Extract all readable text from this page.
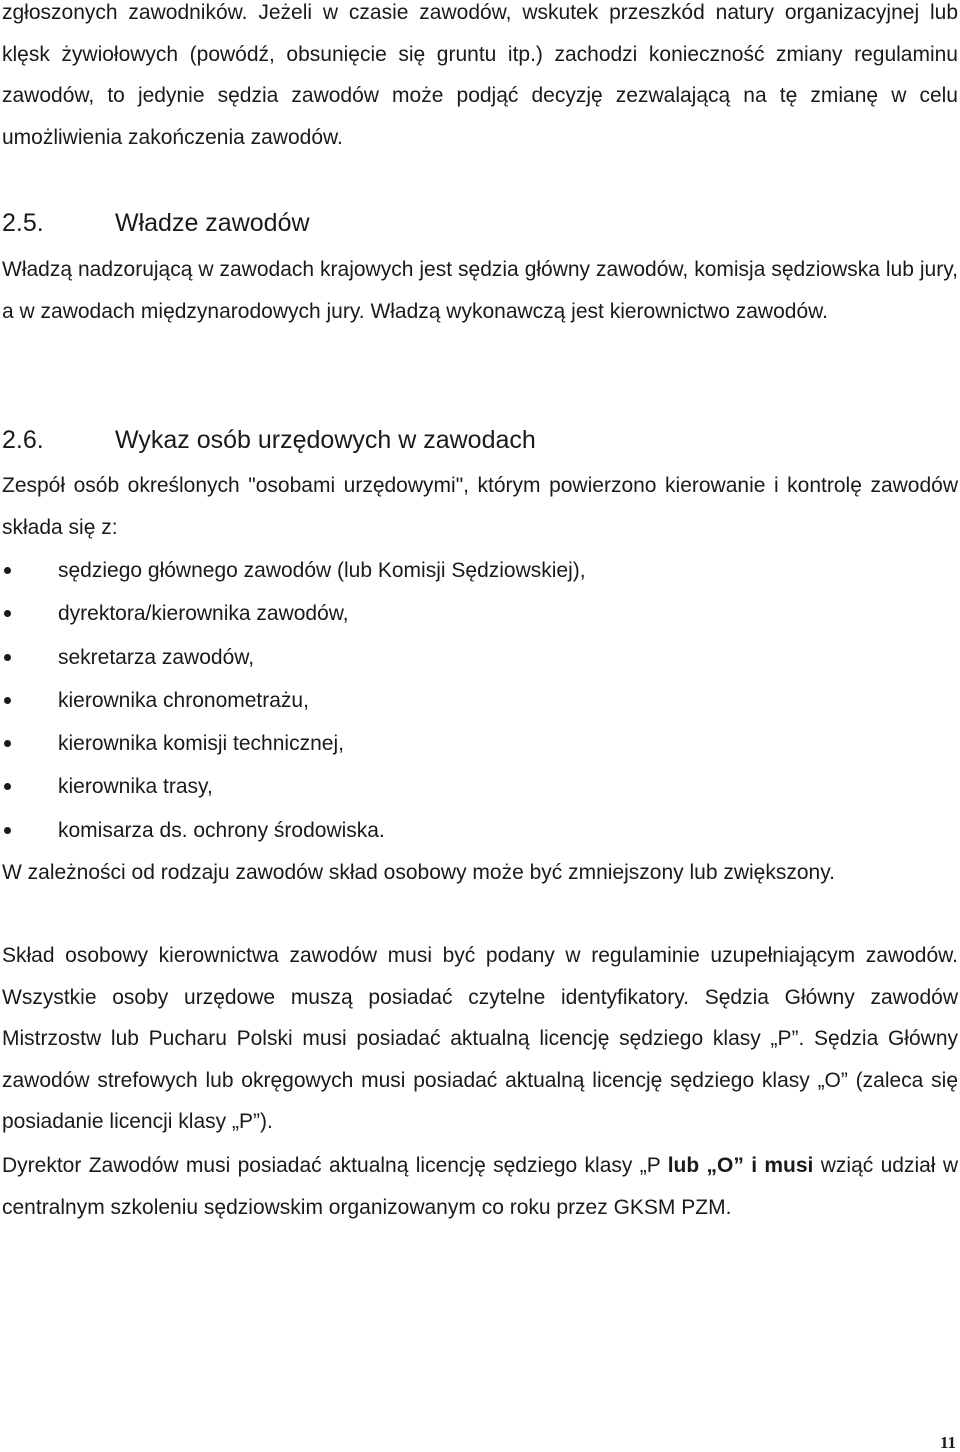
zgłoszonych zawodników. Jeżeli w czasie zawodów, wskutek przeszkód natury organizacyjnej lub klęsk żywiołowych (powódź, obsunięcie się gruntu itp.) zachodzi konieczność zmiany regulaminu zawodów, to jedynie sędzia zawodów może podjąć decyzję zezwalającą na tę zmianę w celu umożliwienia zakończenia zawodów.
2.5.	Władze zawodów
Władzą nadzorującą w zawodach krajowych jest sędzia główny zawodów, komisja sędziowska lub jury, a w zawodach międzynarodowych jury. Władzą wykonawczą jest kierownictwo zawodów.
2.6.	Wykaz osób urzędowych w zawodach
Zespół osób określonych "osobami urzędowymi", którym powierzono kierowanie i kontrolę zawodów składa się z:
sędziego głównego zawodów (lub Komisji Sędziowskiej),
dyrektora/kierownika zawodów,
sekretarza zawodów,
kierownika chronometrażu,
kierownika komisji technicznej,
kierownika trasy,
komisarza ds. ochrony środowiska.
W zależności od rodzaju zawodów skład osobowy może być zmniejszony lub zwiększony.
Skład osobowy kierownictwa zawodów musi być podany w regulaminie uzupełniającym zawodów. Wszystkie osoby urzędowe muszą posiadać czytelne identyfikatory. Sędzia Główny zawodów Mistrzostw lub Pucharu Polski musi posiadać aktualną licencję sędziego klasy „P”. Sędzia Główny zawodów strefowych lub okręgowych musi posiadać aktualną licencję sędziego klasy „O” (zaleca się posiadanie licencji klasy „P”).
Dyrektor Zawodów musi posiadać aktualną licencję sędziego klasy „P lub „O” i musi wziąć udział w centralnym szkoleniu sędziowskim organizowanym co roku przez GKSM PZM.
11
